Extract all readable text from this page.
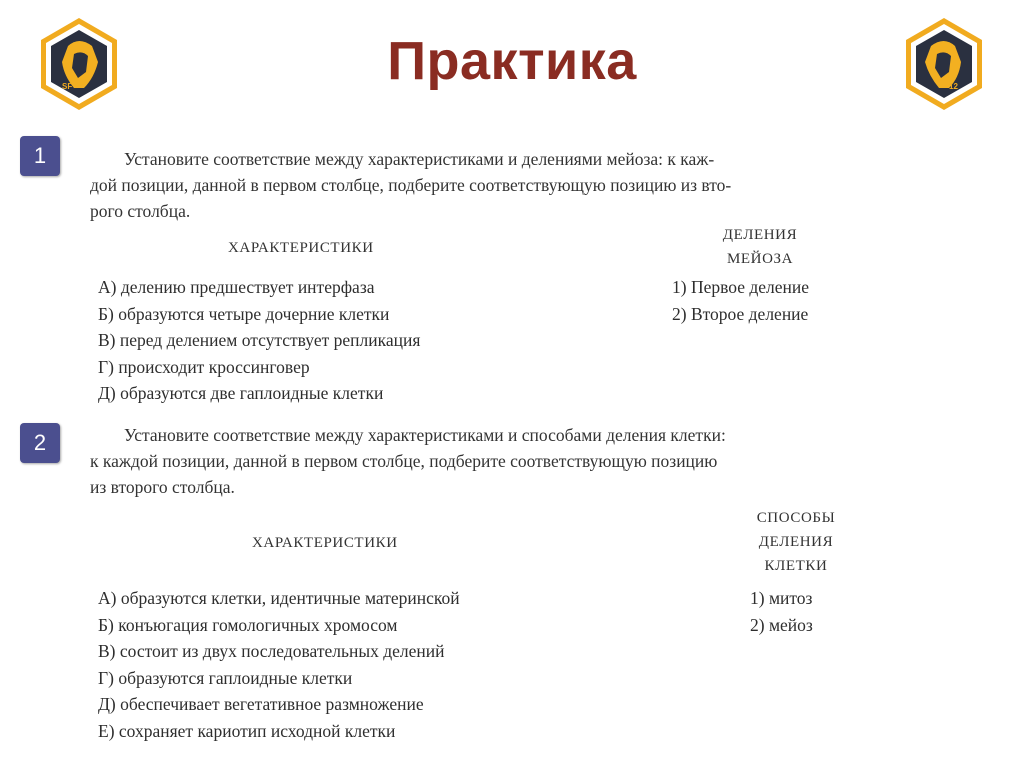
Практика
SF	12
1	Установите соответствие между характеристиками и делениями мейоза: к каж-
дой позиции, данной в первом столбце, подберите соответствующую позицию из вто-
рого столбца.
ХАРАКТЕРИСТИКИ
ДЕЛЕНИЯ
МЕЙОЗА
А) делению предшествует интерфаза
Б) образуются четыре дочерние клетки
В) перед делением отсутствует репликация
Г) происходит кроссинговер
Д) образуются две гаплоидные клетки
1) Первое деление
2) Второе деление
2	Установите соответствие между характеристиками и способами деления клетки:
к каждой позиции, данной в первом столбце, подберите соответствующую позицию
из второго столбца.
ХАРАКТЕРИСТИКИ
СПОСОБЫ
ДЕЛЕНИЯ
КЛЕТКИ
А) образуются клетки, идентичные материнской
Б) конъюгация гомологичных хромосом
В) состоит из двух последовательных делений
Г) образуются гаплоидные клетки
Д) обеспечивает вегетативное размножение
Е) сохраняет кариотип исходной клетки
1) митоз
2) мейоз
